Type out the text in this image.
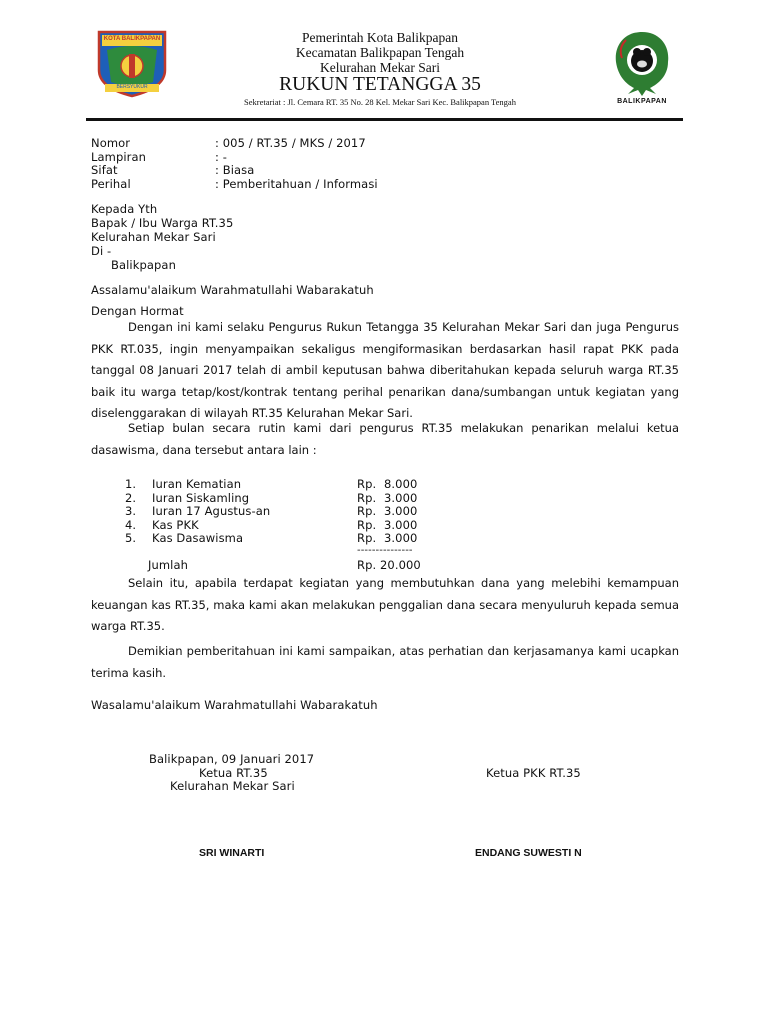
KOTA BALIKPAPAN
BERSYUKUR
BALIKPAPAN
Pemerintah Kota Balikpapan
Kecamatan Balikpapan Tengah
Kelurahan Mekar Sari
RUKUN TETANGGA 35
Sekretariat : Jl. Cemara RT. 35 No. 28 Kel. Mekar Sari Kec. Balikpapan Tengah
Nomor	: 005 / RT.35 / MKS / 2017
Lampiran	: -
Sifat	: Biasa
Perihal	: Pemberitahuan / Informasi
Kepada Yth
Bapak / Ibu Warga RT.35
Kelurahan Mekar Sari
Di -
Balikpapan
Assalamu'alaikum Warahmatullahi Wabarakatuh
Dengan Hormat
Dengan ini kami selaku Pengurus Rukun Tetangga 35 Kelurahan Mekar Sari dan juga Pengurus PKK RT.035, ingin menyampaikan sekaligus mengiformasikan berdasarkan hasil rapat PKK pada tanggal 08 Januari 2017 telah di ambil keputusan bahwa diberitahukan kepada seluruh warga RT.35 baik itu warga tetap/kost/kontrak tentang perihal penarikan dana/sumbangan untuk kegiatan yang diselenggarakan di wilayah RT.35 Kelurahan Mekar Sari.
Setiap bulan secara rutin kami dari pengurus RT.35 melakukan penarikan melalui ketua dasawisma, dana tersebut antara lain :
1. Iuran Kematian	Rp. 8.000
2. Iuran Siskamling	Rp. 3.000
3. Iuran 17 Agustus-an	Rp. 3.000
4. Kas PKK	Rp. 3.000
5. Kas Dasawisma	Rp. 3.000
---------------
Jumlah	Rp. 20.000
Selain itu, apabila terdapat kegiatan yang membutuhkan dana yang melebihi kemampuan keuangan kas RT.35, maka kami akan melakukan penggalian dana secara menyuluruh kepada semua warga RT.35.
Demikian pemberitahuan ini kami sampaikan, atas perhatian dan kerjasamanya kami ucapkan terima kasih.
Wasalamu'alaikum Warahmatullahi Wabarakatuh
Balikpapan, 09 Januari 2017
Ketua RT.35	Ketua PKK RT.35
Kelurahan Mekar Sari
SRI WINARTI	ENDANG SUWESTI N
